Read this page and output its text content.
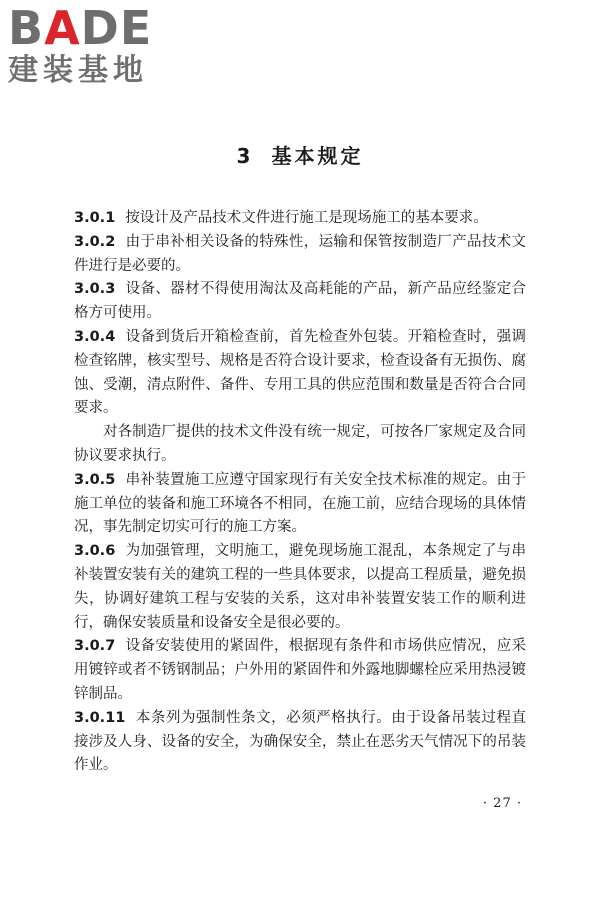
BADE
建装基地
3 基本规定

3.0.1 按设计及产品技术文件进行施工是现场施工的基本要求。

3.0.2 由于串补相关设备的特殊性，运输和保管按制造厂产品技术文件进行是必要的。

3.0.3 设备、器材不得使用淘汰及高耗能的产品，新产品应经鉴定合格方可使用。

3.0.4 设备到货后开箱检查前，首先检查外包装。开箱检查时，强调检查铭牌，核实型号、规格是否符合设计要求，检查设备有无损伤、腐蚀、受潮，清点附件、备件、专用工具的供应范围和数量是否符合合同要求。

对各制造厂提供的技术文件没有统一规定，可按各厂家规定及合同协议要求执行。

3.0.5 串补装置施工应遵守国家现行有关安全技术标准的规定。由于施工单位的装备和施工环境各不相同，在施工前，应结合现场的具体情况，事先制定切实可行的施工方案。

3.0.6 为加强管理，文明施工，避免现场施工混乱，本条规定了与串补装置安装有关的建筑工程的一些具体要求，以提高工程质量，避免损失，协调好建筑工程与安装的关系，这对串补装置安装工作的顺利进行，确保安装质量和设备安全是很必要的。

3.0.7 设备安装使用的紧固件，根据现有条件和市场供应情况，应采用镀锌或者不锈钢制品；户外用的紧固件和外露地脚螺栓应采用热浸镀锌制品。

3.0.11 本条列为强制性条文，必须严格执行。由于设备吊装过程直接涉及人身、设备的安全，为确保安全，禁止在恶劣天气情况下的吊装作业。

· 27 ·
